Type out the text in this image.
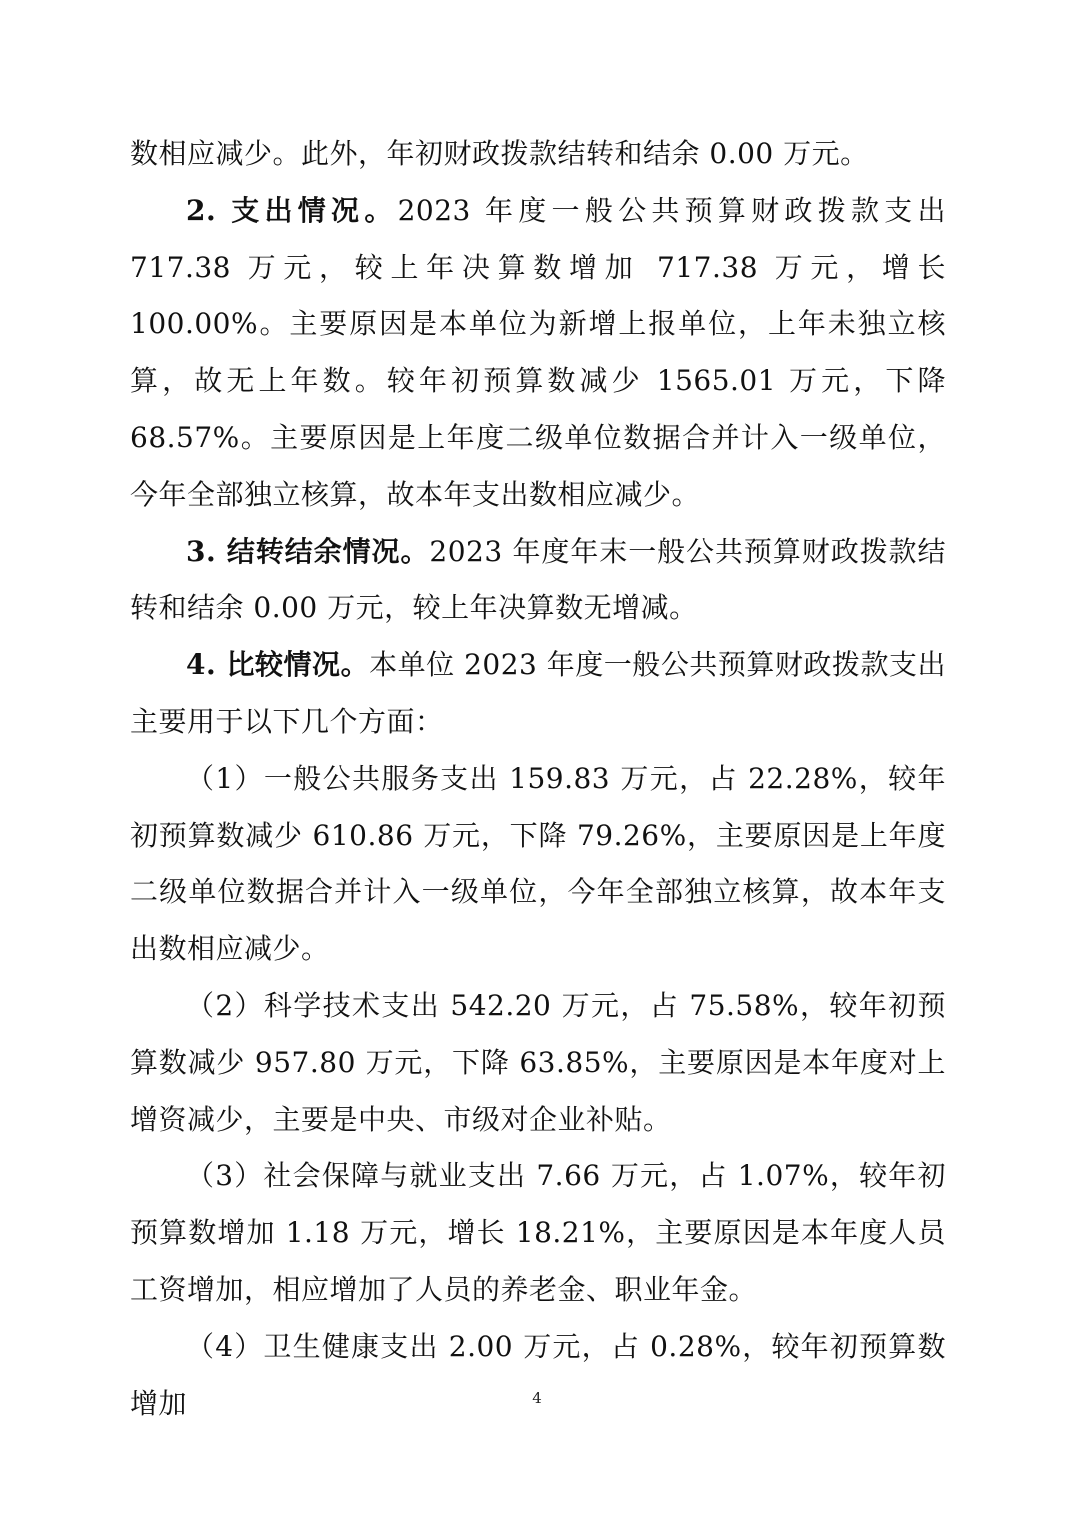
数相应减少。此外，年初财政拨款结转和结余 0.00 万元。

2. 支出情况。2023 年度一般公共预算财政拨款支出 717.38 万元，较上年决算数增加 717.38 万元，增长 100.00%。主要原因是本单位为新增上报单位，上年未独立核算，故无上年数。较年初预算数减少 1565.01 万元，下降 68.57%。主要原因是上年度二级单位数据合并计入一级单位，今年全部独立核算，故本年支出数相应减少。

3. 结转结余情况。2023 年度年末一般公共预算财政拨款结转和结余 0.00 万元，较上年决算数无增减。

4. 比较情况。本单位 2023 年度一般公共预算财政拨款支出主要用于以下几个方面：

（1）一般公共服务支出 159.83 万元，占 22.28%，较年初预算数减少 610.86 万元，下降 79.26%，主要原因是上年度二级单位数据合并计入一级单位，今年全部独立核算，故本年支出数相应减少。

（2）科学技术支出 542.20 万元，占 75.58%，较年初预算数减少 957.80 万元，下降 63.85%，主要原因是本年度对上增资减少，主要是中央、市级对企业补贴。

（3）社会保障与就业支出 7.66 万元，占 1.07%，较年初预算数增加 1.18 万元，增长 18.21%，主要原因是本年度人员工资增加，相应增加了人员的养老金、职业年金。

（4）卫生健康支出 2.00 万元，占 0.28%，较年初预算数增加	4
